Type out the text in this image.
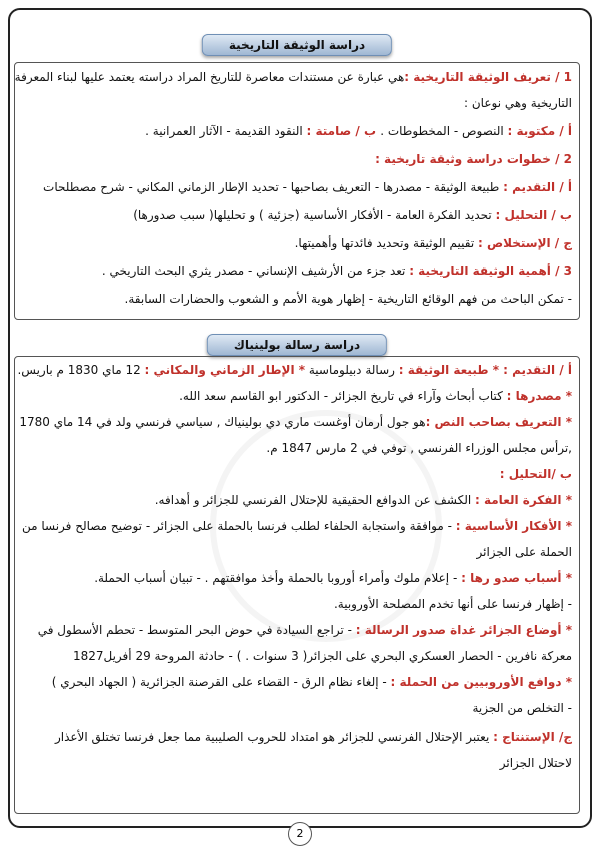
دراسة الوثيقة التاريخية
1 / تعريف الوثيقة التاريخية :هي عبارة عن مستندات معاصرة للتاريخ المراد دراسته يعتمد عليها لبناء المعرفة
التاريخية وهي نوعان :
أ / مكتوبة : النصوص - المخطوطات . ب / صامتة : النقود القديمة - الآثار العمرانية .
2 / خطوات دراسة وثيقة تاريخية :
أ / التقديم : طبيعة الوثيقة - مصدرها - التعريف بصاحبها - تحديد الإطار الزماني المكاني - شرح مصطلحات
ب / التحليل : تحديد الفكرة العامة - الأفكار الأساسية (جزئية ) و تحليلها( سبب صدورها)
ج / الإستخلاص : تقييم الوثيقة وتحديد فائدتها وأهميتها.
3 / أهمية الوثيقة التاريخية : تعد جزء من الأرشيف الإنساني - مصدر يثري البحث التاريخي .
- تمكن الباحث من فهم الوقائع التاريخية - إظهار هوية الأمم و الشعوب والحضارات السابقة.
دراسة رسالة بولينياك
أ / التقديم : * طبيعة الوثيقة : رسالة دبيلوماسية * الإطار الزماني والمكاني : 12 ماي 1830 م باريس.
* مصدرها : كتاب أبحاث وآراء في تاريخ الجزائر - الدكتور ابو القاسم سعد الله.
* التعريف بصاحب النص :هو جول أرمان أوغست ماري دي بولينياك , سياسي فرنسي ولد في 14 ماي 1780
,ترأس مجلس الوزراء الفرنسي , توفي في 2 مارس 1847 م.
ب /التحليل :
* الفكرة العامة : الكشف عن الدوافع الحقيقية للإحتلال الفرنسي للجزائر و أهدافه.
* الأفكار الأساسية : - موافقة واستجابة الحلفاء لطلب فرنسا بالحملة على الجزائر - توضيح مصالح فرنسا من
الحملة على الجزائر
* أسباب صدو رها : - إعلام ملوك وأمراء أوروبا بالحملة وأخذ موافقتهم . - تبيان أسباب الحملة.
- إظهار فرنسا على أنها تخدم المصلحة الأوروبية.
* أوضاع الجزائر غداة صدور الرسالة : - تراجع السيادة في حوض البحر المتوسط - تحطم الأسطول في
معركة نافرين - الحصار العسكري البحري على الجزائر( 3 سنوات . ) - حادثة المروحة 29 أفريل1827
* دوافع الأوروبيين من الحملة : - إلغاء نظام الرق - القضاء على القرصنة الجزائرية ( الجهاد البحري )
- التخلص من الجزية
ج/ الإستنتاج : يعتبر الإحتلال الفرنسي للجزائر هو امتداد للحروب الصليبية مما جعل فرنسا تختلق الأعذار
لاحتلال الجزائر
2
